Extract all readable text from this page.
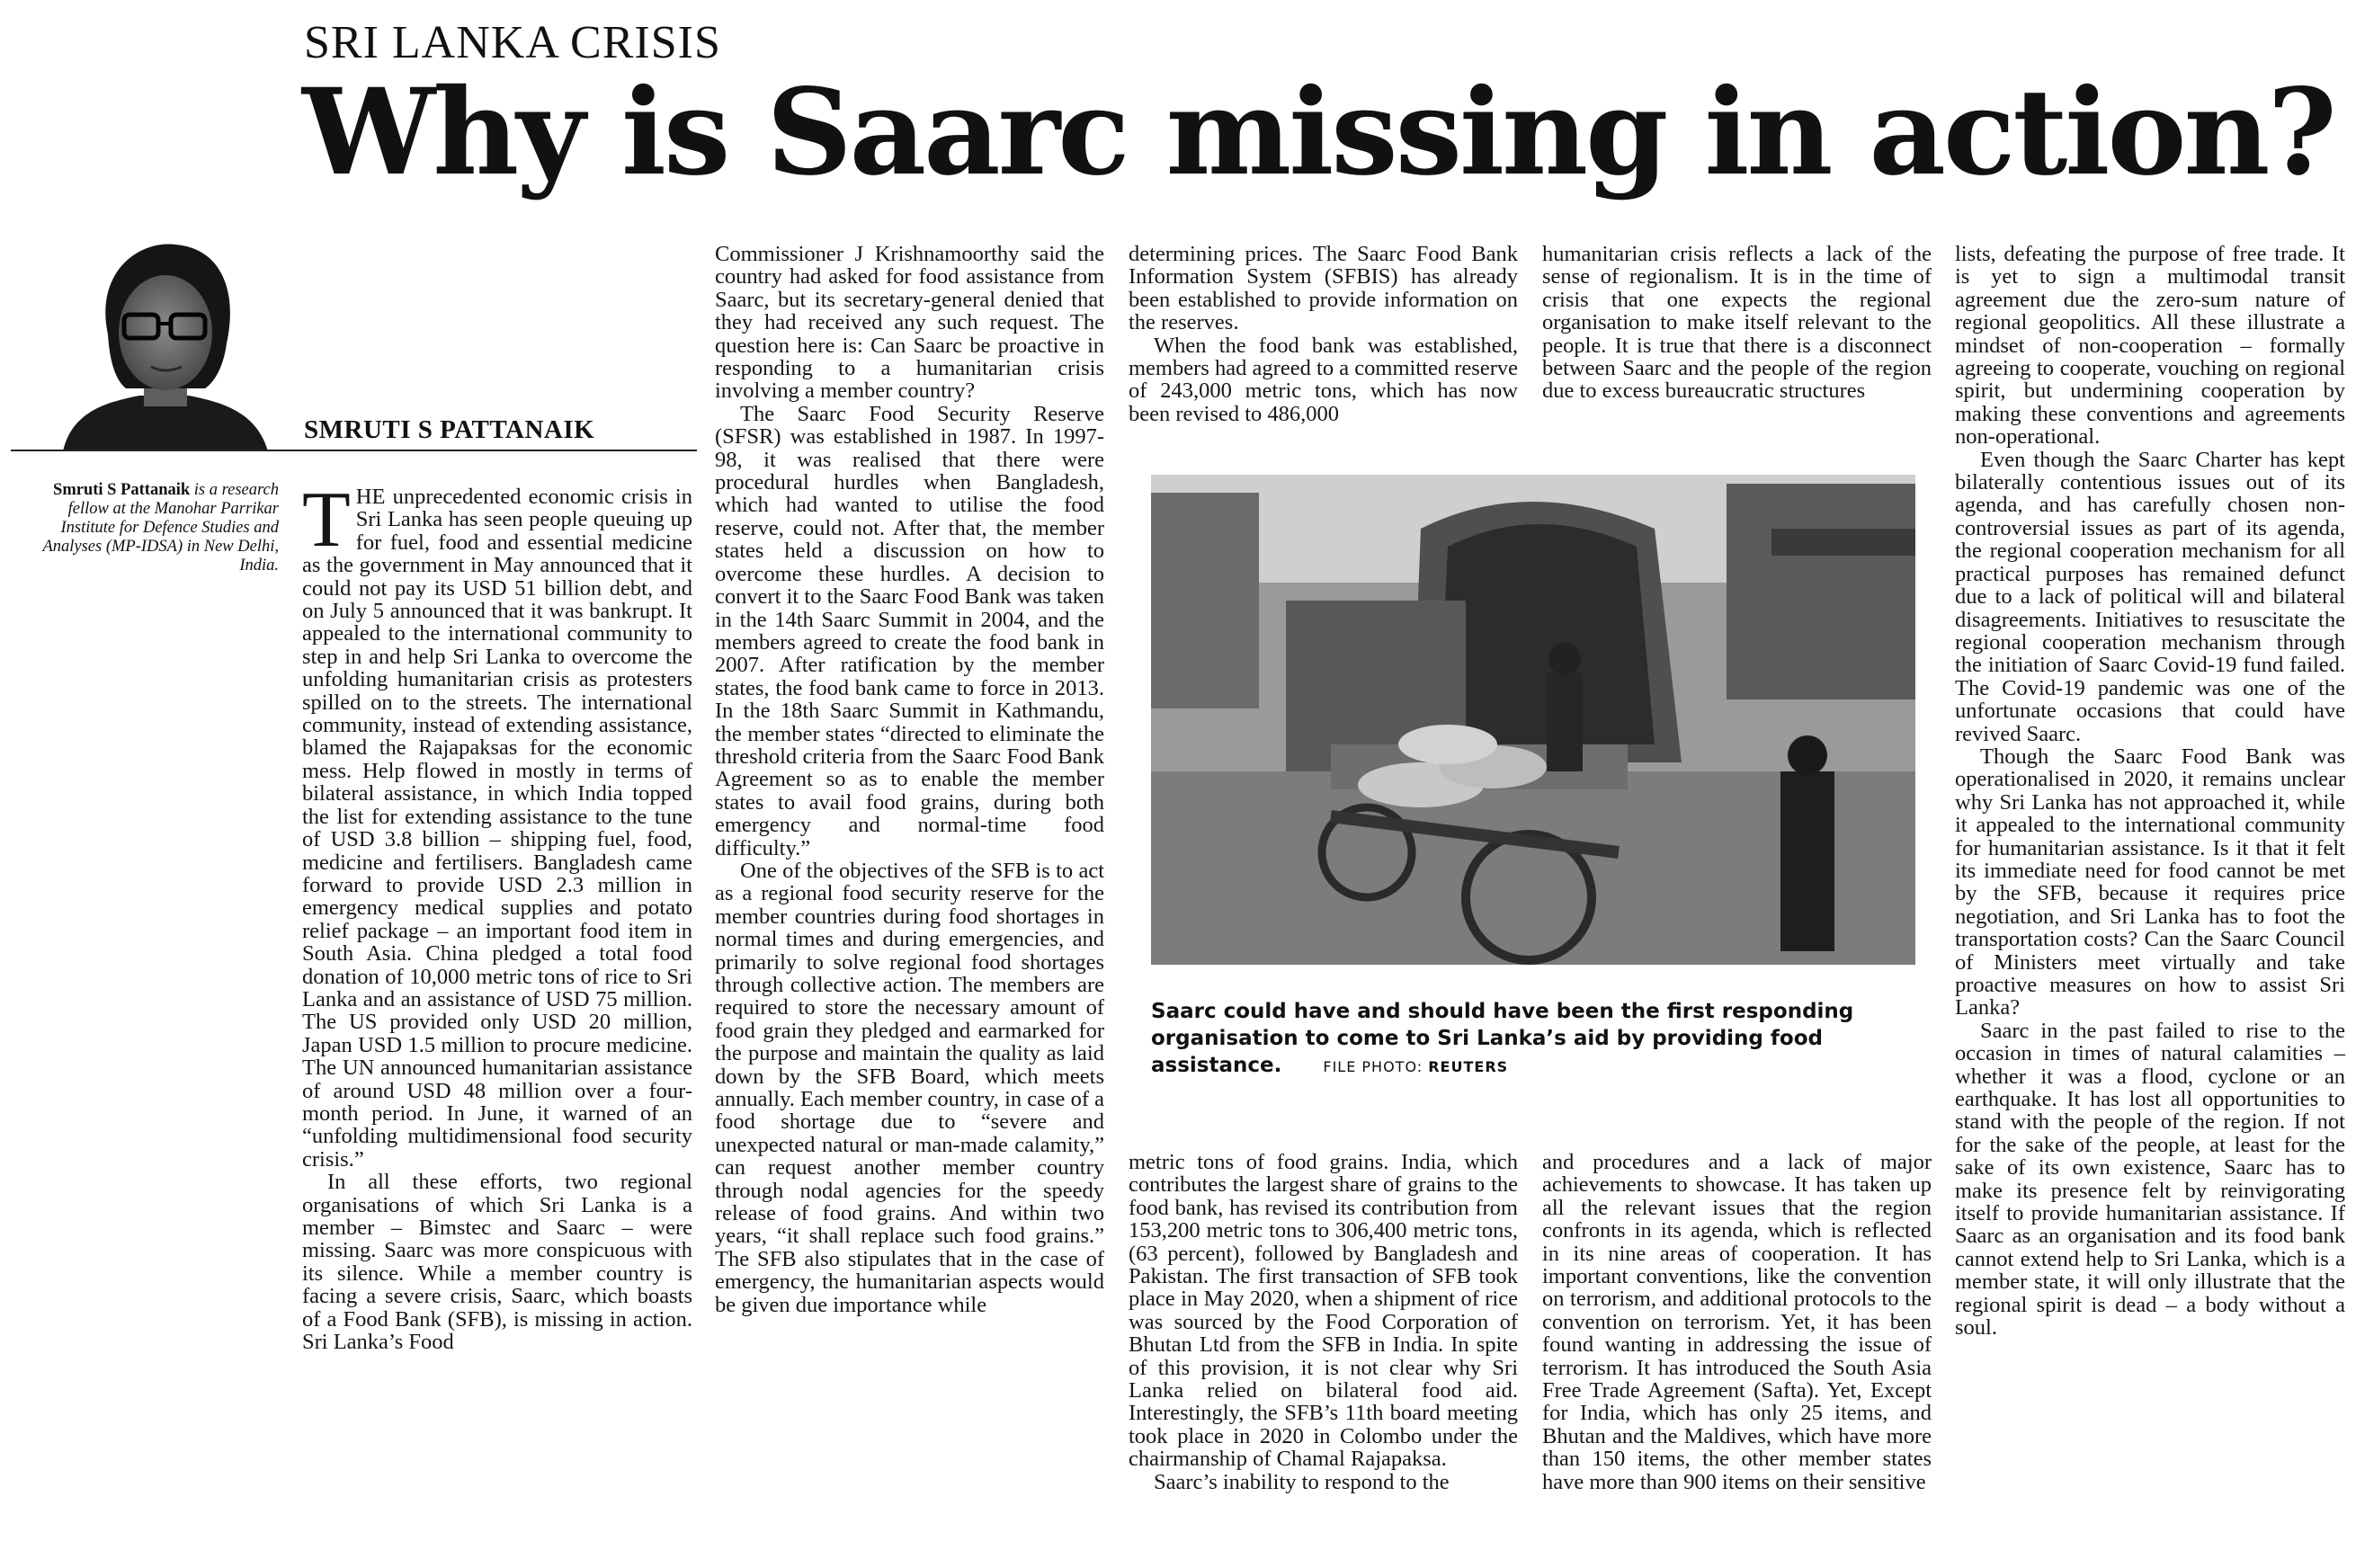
SRI LANKA CRISIS
Why is Saarc missing in action?
SMRUTI S PATTANAIK
Smruti S Pattanaik is a research fellow at the Manohar Parrikar Institute for Defence Studies and Analyses (MP-IDSA) in New Delhi, India.

THE unprecedented economic crisis in Sri Lanka has seen people queuing up for fuel, food and essential medicine as the government in May announced that it could not pay its USD 51 billion debt, and on July 5 announced that it was bankrupt. It appealed to the international community to step in and help Sri Lanka to overcome the unfolding humanitarian crisis as protesters spilled on to the streets. The international community, instead of extending assistance, blamed the Rajapaksas for the economic mess. Help flowed in mostly in terms of bilateral assistance, in which India topped the list for extending assistance to the tune of USD 3.8 billion – shipping fuel, food, medicine and fertilisers. Bangladesh came forward to provide USD 2.3 million in emergency medical supplies and potato relief package – an important food item in South Asia. China pledged a total food donation of 10,000 metric tons of rice to Sri Lanka and an assistance of USD 75 million. The US provided only USD 20 million, Japan USD 1.5 million to procure medicine. The UN announced humanitarian assistance of around USD 48 million over a four-month period. In June, it warned of an “unfolding multidimensional food security crisis.”

In all these efforts, two regional organisations of which Sri Lanka is a member – Bimstec and Saarc – were missing. Saarc was more conspicuous with its silence. While a member country is facing a severe crisis, Saarc, which boasts of a Food Bank (SFB), is missing in action. Sri Lanka’s Food

Commissioner J Krishnamoorthy said the country had asked for food assistance from Saarc, but its secretary-general denied that they had received any such request. The question here is: Can Saarc be proactive in responding to a humanitarian crisis involving a member country?

The Saarc Food Security Reserve (SFSR) was established in 1987. In 1997-98, it was realised that there were procedural hurdles when Bangladesh, which had wanted to utilise the food reserve, could not. After that, the member states held a discussion on how to overcome these hurdles. A decision to convert it to the Saarc Food Bank was taken in the 14th Saarc Summit in 2004, and the members agreed to create the food bank in 2007. After ratification by the member states, the food bank came to force in 2013. In the 18th Saarc Summit in Kathmandu, the member states “directed to eliminate the threshold criteria from the Saarc Food Bank Agreement so as to enable the member states to avail food grains, during both emergency and normal-time food difficulty.”

One of the objectives of the SFB is to act as a regional food security reserve for the member countries during food shortages in normal times and during emergencies, and primarily to solve regional food shortages through collective action. The members are required to store the necessary amount of food grain they pledged and earmarked for the purpose and maintain the quality as laid down by the SFB Board, which meets annually. Each member country, in case of a food shortage due to “severe and unexpected natural or man-made calamity,” can request another member country through nodal agencies for the speedy release of food grains. And within two years, “it shall replace such food grains.” The SFB also stipulates that in the case of emergency, the humanitarian aspects would be given due importance while

determining prices. The Saarc Food Bank Information System (SFBIS) has already been established to provide information on the reserves.

When the food bank was established, members had agreed to a committed reserve of 243,000 metric tons, which has now been revised to 486,000

humanitarian crisis reflects a lack of the sense of regionalism. It is in the time of crisis that one expects the regional organisation to make itself relevant to the people. It is true that there is a disconnect between Saarc and the people of the region due to excess bureaucratic structures

lists, defeating the purpose of free trade. It is yet to sign a multimodal transit agreement due the zero-sum nature of regional geopolitics. All these illustrate a mindset of non-cooperation – formally agreeing to cooperate, vouching on regional spirit, but undermining cooperation by making these conventions and agreements non-operational.

Even though the Saarc Charter has kept bilaterally contentious issues out of its agenda, and has carefully chosen non-controversial issues as part of its agenda, the regional cooperation mechanism for all practical purposes has remained defunct due to a lack of political will and bilateral disagreements. Initiatives to resuscitate the regional cooperation mechanism through the initiation of Saarc Covid-19 fund failed. The Covid-19 pandemic was one of the unfortunate occasions that could have revived Saarc.

Though the Saarc Food Bank was operationalised in 2020, it remains unclear why Sri Lanka has not approached it, while it appealed to the international community for humanitarian assistance. Is it that it felt its immediate need for food cannot be met by the SFB, because it requires price negotiation, and Sri Lanka has to foot the transportation costs? Can the Saarc Council of Ministers meet virtually and take proactive measures on how to assist Sri Lanka?

Saarc in the past failed to rise to the occasion in times of natural calamities – whether it was a flood, cyclone or an earthquake. It has lost all opportunities to stand with the people of the region. If not for the sake of the people, at least for the sake of its own existence, Saarc has to make its presence felt by reinvigorating itself to provide humanitarian assistance. If Saarc as an organisation and its food bank cannot extend help to Sri Lanka, which is a member state, it will only illustrate that the regional spirit is dead – a body without a soul.

Saarc could have and should have been the first responding organisation to come to Sri Lanka’s aid by providing food assistance.	FILE PHOTO: REUTERS

metric tons of food grains. India, which contributes the largest share of grains to the food bank, has revised its contribution from 153,200 metric tons to 306,400 metric tons, (63 percent), followed by Bangladesh and Pakistan. The first transaction of SFB took place in May 2020, when a shipment of rice was sourced by the Food Corporation of Bhutan Ltd from the SFB in India. In spite of this provision, it is not clear why Sri Lanka relied on bilateral food aid. Interestingly, the SFB’s 11th board meeting took place in 2020 in Colombo under the chairmanship of Chamal Rajapaksa.

Saarc’s inability to respond to the

and procedures and a lack of major achievements to showcase. It has taken up all the relevant issues that the region confronts in its agenda, which is reflected in its nine areas of cooperation. It has important conventions, like the convention on terrorism, and additional protocols to the convention on terrorism. Yet, it has been found wanting in addressing the issue of terrorism. It has introduced the South Asia Free Trade Agreement (Safta). Yet, Except for India, which has only 25 items, and Bhutan and the Maldives, which have more than 150 items, the other member states have more than 900 items on their sensitive
